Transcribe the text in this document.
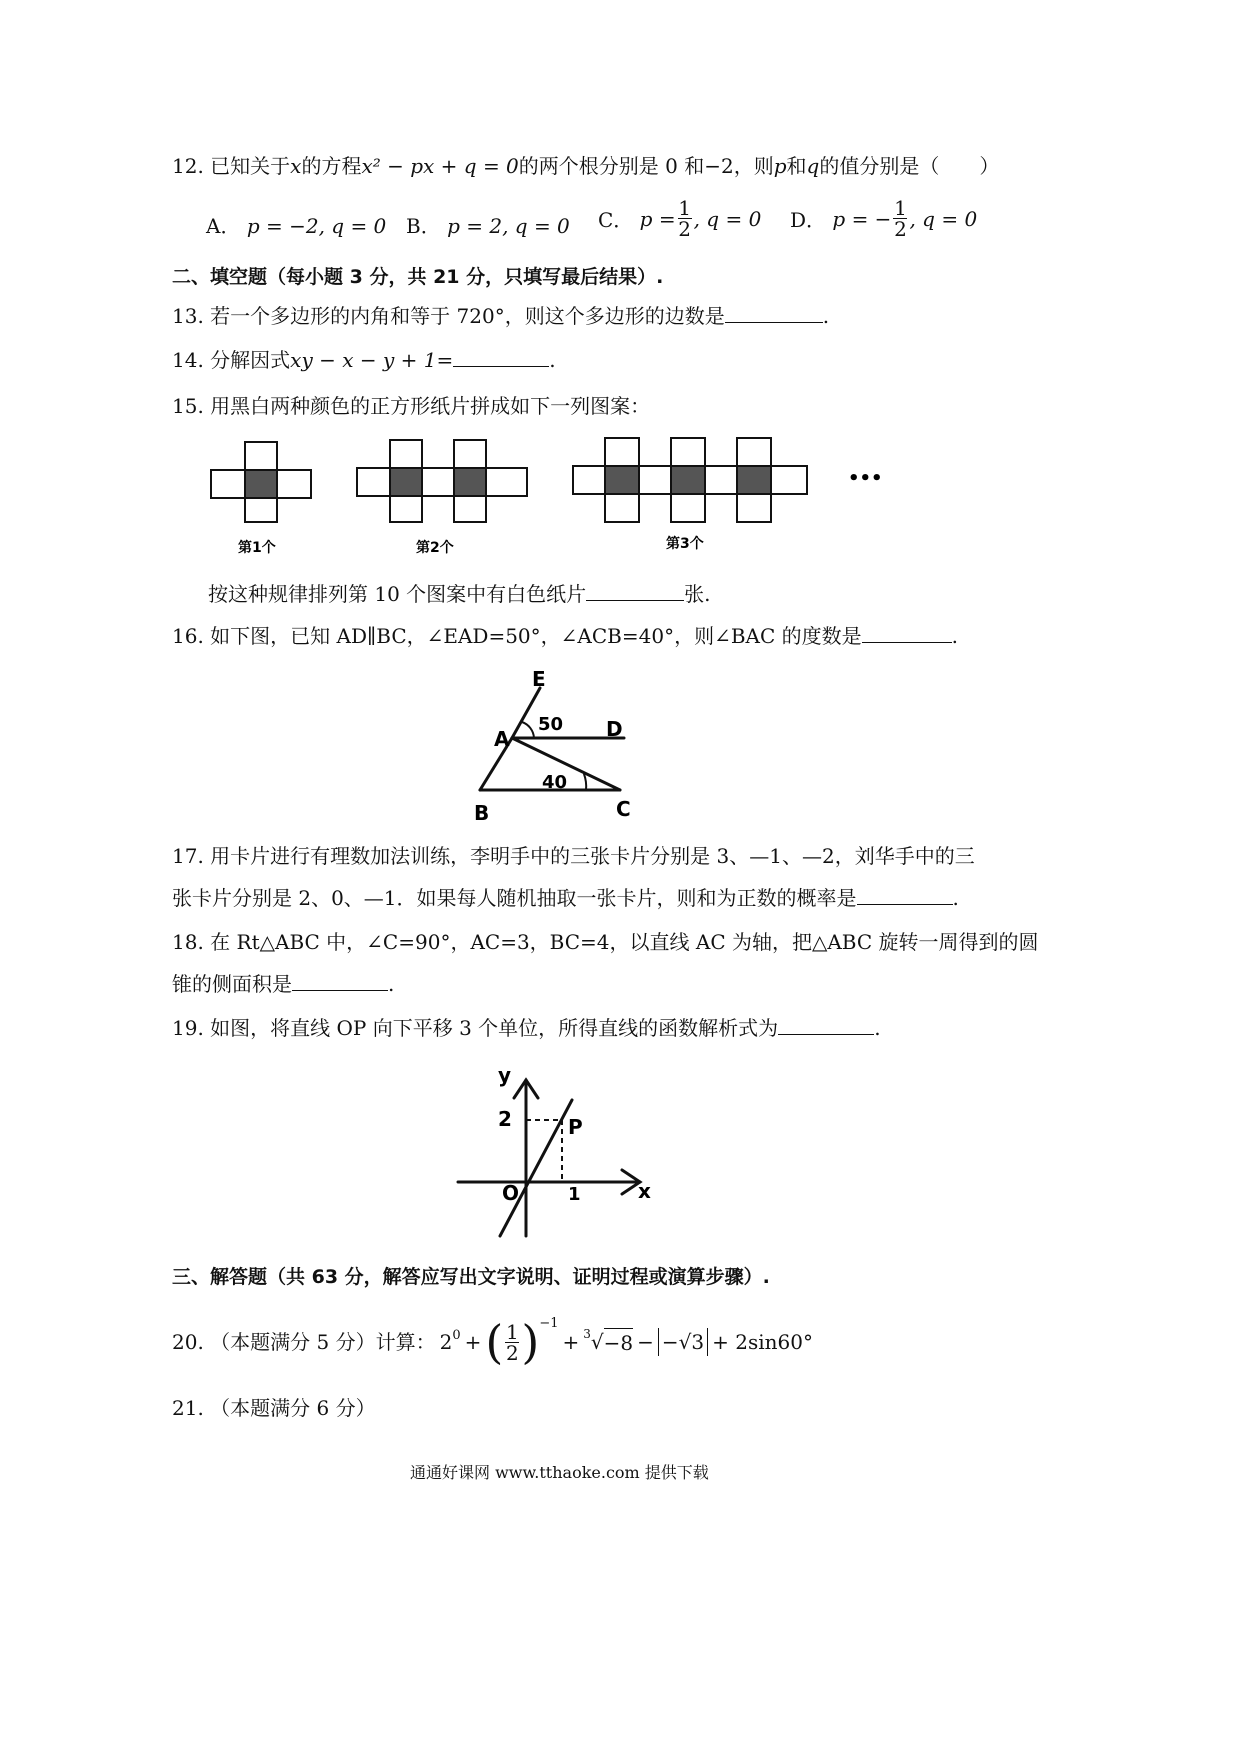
12. 已知关于x的方程x² − px + q = 0的两个根分别是 0 和−2，则p和q的值分别是（　　）
A． p = −2, q = 0 B． p = 2, q = 0 C．
$p = \frac{1}{2}$ , q = 0 D．
p = − $\frac{1}{2}$ , q = 0
二、填空题（每小题 3 分，共 21 分，只填写最后结果）.
13. 若一个多边形的内角和等于 720°，则这个多边形的边数是	.
14. 分解因式xy − x − y + 1=	.
15. 用黑白两种颜色的正方形纸片拼成如下一列图案：
第1个	第2个	第3个
•••
按这种规律排列第 10 个图案中有白色纸片	张.
16. 如下图，已知 AD∥BC，∠EAD=50°，∠ACB=40°，则∠BAC 的度数是	.
E
A	D
B	C
50
40
17. 用卡片进行有理数加法训练，李明手中的三张卡片分别是 3、—1、—2，刘华手中的三
张卡片分别是 2、0、—1．如果每人随机抽取一张卡片，则和为正数的概率是	.
18. 在 Rt△ABC 中，∠C=90°，AC=3，BC=4，以直线 AC 为轴，把△ABC 旋转一周得到的圆
锥的侧面积是	.
19. 如图，将直线 OP 向下平移 3 个单位，所得直线的函数解析式为	.
y
x
2	P
O	1
三、解答题（共 63 分，解答应写出文字说明、证明过程或演算步骤）.
20.
（本题满分 5 分）计算： $2^0$ + ( $\frac{1}{2} )^{-1}$
+ $^3$ √ −8 − −√3 + 2sin60°
21. （本题满分 6 分）
通通好课网 www.tthaoke.com 提供下载
